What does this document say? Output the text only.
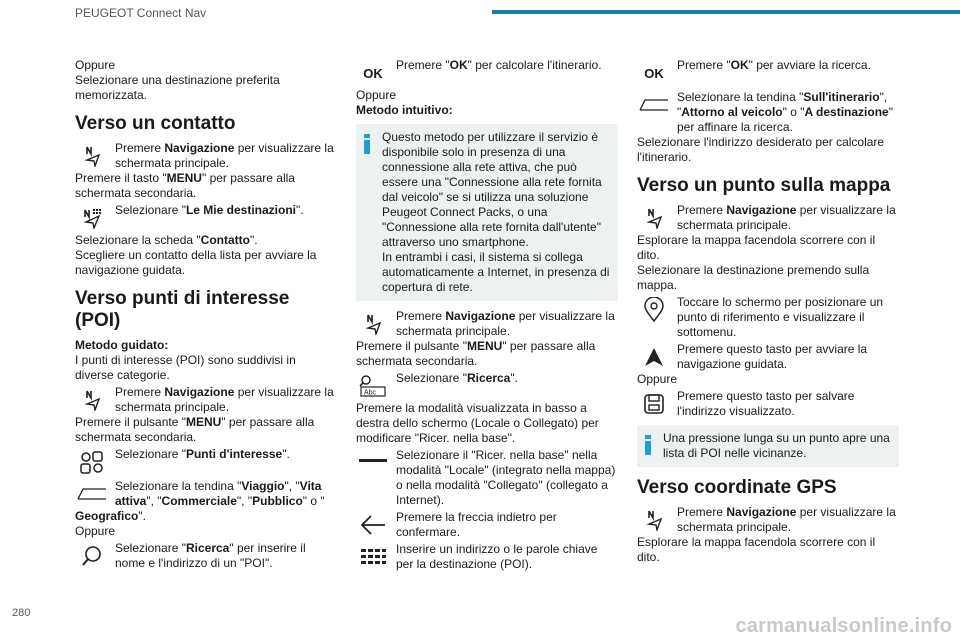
PEUGEOT Connect Nav
280
carmanualsonline.info

Oppure

Selezionare una destinazione preferita memorizzata.

Verso un contatto
Premere Navigazione per visualizzare la schermata principale.

Premere il tasto "MENU" per passare alla schermata secondaria.

Selezionare "Le Mie destinazioni".

Selezionare la scheda "Contatto".

Scegliere un contatto della lista per avviare la navigazione guidata.

Verso punti di interesse (POI)

Metodo guidato:

I punti di interesse (POI) sono suddivisi in diverse categorie.

Premere Navigazione per visualizzare la schermata principale.

Premere il pulsante "MENU" per passare alla schermata secondaria.

Selezionare "Punti d'interesse".
Selezionare la tendina "Viaggio", "Vita attiva", "Commerciale", "Pubblico" o "

Geografico".

Oppure

Selezionare "Ricerca" per inserire il nome e l'indirizzo di un "POI".
OK
Premere "OK" per calcolare l'itinerario.

Oppure

Metodo intuitivo:

Questo metodo per utilizzare il servizio è disponibile solo in presenza di una connessione alla rete attiva, che può essere una "Connessione alla rete fornita dal veicolo" se si utilizza una soluzione Peugeot Connect Packs, o una "Connessione alla rete fornita dall'utente" attraverso uno smartphone.

In entrambi i casi, il sistema si collega automaticamente a Internet, in presenza di copertura di rete.

Premere Navigazione per visualizzare la schermata principale.

Premere il pulsante "MENU" per passare alla schermata secondaria.

Abc
Selezionare "Ricerca".

Premere la modalità visualizzata in basso a destra dello schermo (Locale o Collegato) per modificare "Ricer. nella base".

Selezionare il "Ricer. nella base" nella modalità "Locale" (integrato nella mappa) o nella modalità "Collegato" (collegato a Internet).
Premere la freccia indietro per confermare.
Inserire un indirizzo o le parole chiave per la destinazione (POI).
OK
Premere "OK" per avviare la ricerca.
Selezionare la tendina "Sull'itinerario", "Attorno al veicolo" o "A destinazione" per affinare la ricerca.

Selezionare l'indirizzo desiderato per calcolare l'itinerario.

Verso un punto sulla mappa
Premere Navigazione per visualizzare la schermata principale.

Esplorare la mappa facendola scorrere con il dito.

Selezionare la destinazione premendo sulla mappa.

Toccare lo schermo per posizionare un punto di riferimento e visualizzare il sottomenu.
Premere questo tasto per avviare la navigazione guidata.

Oppure

Premere questo tasto per salvare l'indirizzo visualizzato.

Una pressione lunga su un punto apre una lista di POI nelle vicinanze.

Verso coordinate GPS
Premere Navigazione per visualizzare la schermata principale.

Esplorare la mappa facendola scorrere con il dito.
